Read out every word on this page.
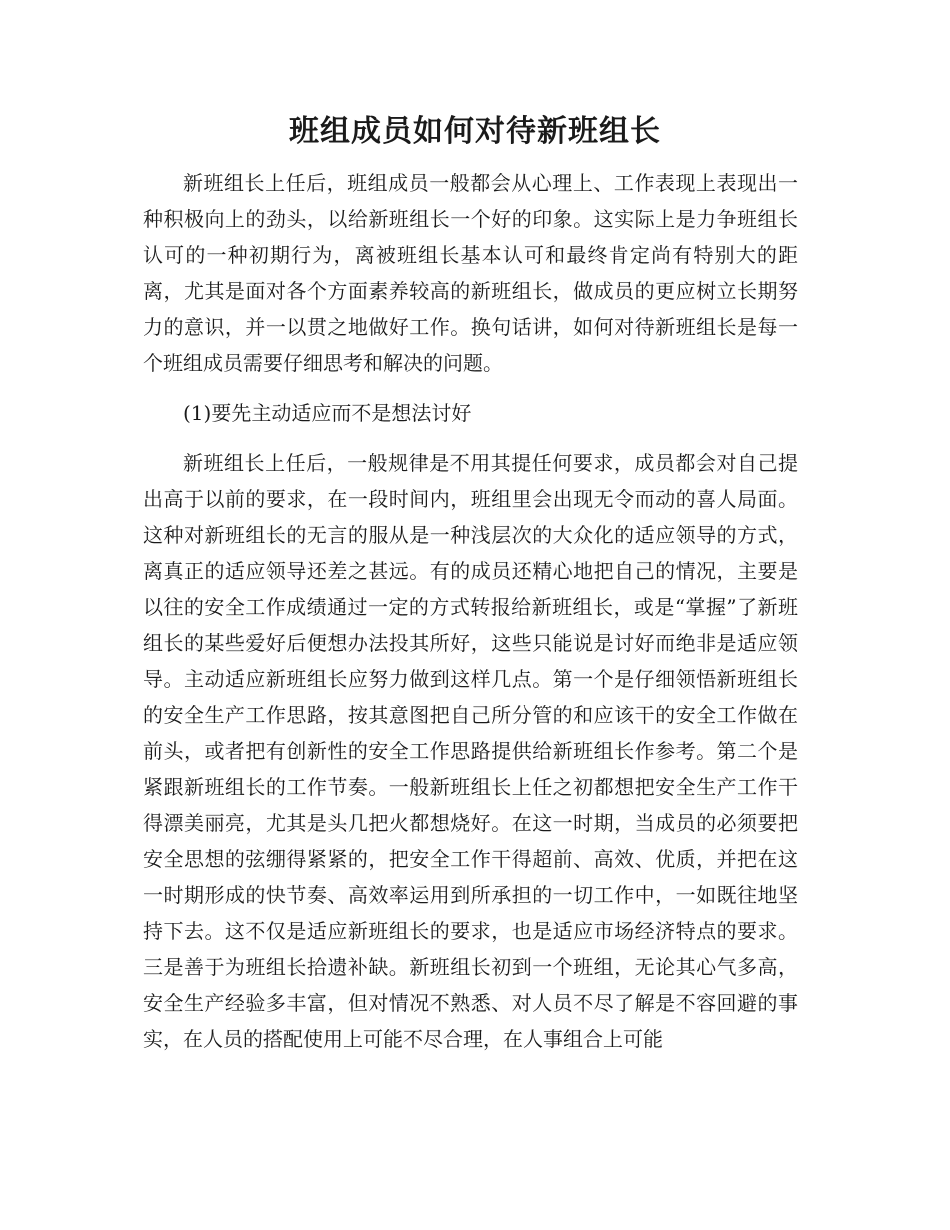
班组成员如何对待新班组长

新班组长上任后，班组成员一般都会从心理上、工作表现上表现出一种积极向上的劲头，以给新班组长一个好的印象。这实际上是力争班组长认可的一种初期行为，离被班组长基本认可和最终肯定尚有特别大的距离，尤其是面对各个方面素养较高的新班组长，做成员的更应树立长期努力的意识，并一以贯之地做好工作。换句话讲，如何对待新班组长是每一个班组成员需要仔细思考和解决的问题。

(1)要先主动适应而不是想法讨好

新班组长上任后，一般规律是不用其提任何要求，成员都会对自己提出高于以前的要求，在一段时间内，班组里会出现无令而动的喜人局面。这种对新班组长的无言的服从是一种浅层次的大众化的适应领导的方式，离真正的适应领导还差之甚远。有的成员还精心地把自己的情况，主要是以往的安全工作成绩通过一定的方式转报给新班组长，或是“掌握”了新班组长的某些爱好后便想办法投其所好，这些只能说是讨好而绝非是适应领导。主动适应新班组长应努力做到这样几点。第一个是仔细领悟新班组长的安全生产工作思路，按其意图把自己所分管的和应该干的安全工作做在前头，或者把有创新性的安全工作思路提供给新班组长作参考。第二个是紧跟新班组长的工作节奏。一般新班组长上任之初都想把安全生产工作干得漂美丽亮，尤其是头几把火都想烧好。在这一时期，当成员的必须要把安全思想的弦绷得紧紧的，把安全工作干得超前、高效、优质，并把在这一时期形成的快节奏、高效率运用到所承担的一切工作中，一如既往地坚持下去。这不仅是适应新班组长的要求，也是适应市场经济特点的要求。三是善于为班组长拾遗补缺。新班组长初到一个班组，无论其心气多高，安全生产经验多丰富，但对情况不熟悉、对人员不尽了解是不容回避的事实，在人员的搭配使用上可能不尽合理，在人事组合上可能
